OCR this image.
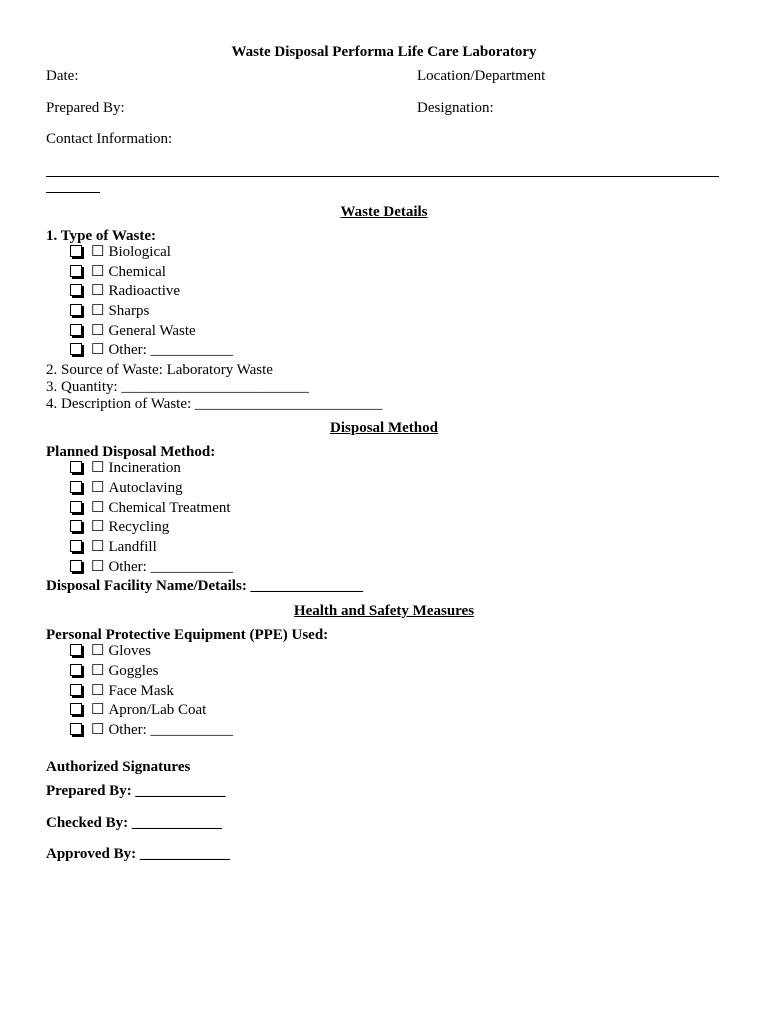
Waste Disposal Performa Life Care Laboratory
Date:	Location/Department
Prepared By:	Designation:
Contact Information:
Waste Details
1. Type of Waste:
☐ Biological
☐ Chemical
☐ Radioactive
☐ Sharps
☐ General Waste
☐ Other: ___________
2. Source of Waste: Laboratory Waste
3. Quantity: _________________________
4. Description of Waste: _________________________
Disposal Method
Planned Disposal Method:
☐ Incineration
☐ Autoclaving
☐ Chemical Treatment
☐ Recycling
☐ Landfill
☐ Other: ___________
Disposal Facility Name/Details: _______________
Health and Safety Measures
Personal Protective Equipment (PPE) Used:
☐ Gloves
☐ Goggles
☐ Face Mask
☐ Apron/Lab Coat
☐ Other: ___________
Authorized Signatures
Prepared By: ____________
Checked By: ____________
Approved By: ____________
